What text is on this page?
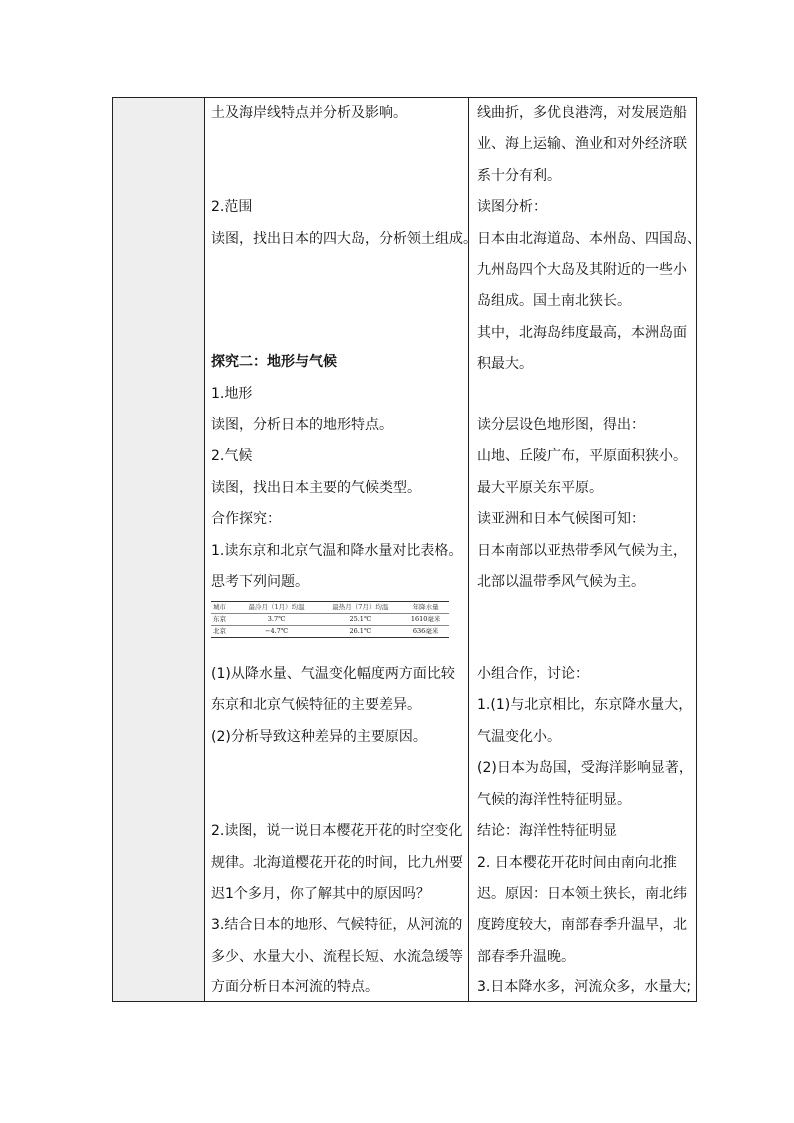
土及海岸线特点并分析及影响。
2.范围
读图，找出日本的四大岛，分析领土组成。
探究二：地形与气候
1.地形
读图，分析日本的地形特点。
2.气候
读图，找出日本主要的气候类型。
合作探究：
1.读东京和北京气温和降水量对比表格。
思考下列问题。
城市	最冷月（1月）均温	最热月（7月）均温	年降水量
东京	3.7℃	25.1℃	1610毫米
北京	−4.7℃	26.1℃	636毫米
(1)从降水量、气温变化幅度两方面比较
东京和北京气候特征的主要差异。
(2)分析导致这种差异的主要原因。
2.读图，说一说日本樱花开花的时空变化
规律。北海道樱花开花的时间，比九州要
迟1个多月，你了解其中的原因吗？
3.结合日本的地形、气候特征，从河流的
多少、水量大小、流程长短、水流急缓等
方面分析日本河流的特点。
线曲折，多优良港湾，对发展造船
业、海上运输、渔业和对外经济联
系十分有利。
读图分析：
日本由北海道岛、本州岛、四国岛、
九州岛四个大岛及其附近的一些小
岛组成。国土南北狭长。
其中，北海岛纬度最高，本洲岛面
积最大。
读分层设色地形图，得出：
山地、丘陵广布，平原面积狭小。
最大平原关东平原。
读亚洲和日本气候图可知：
日本南部以亚热带季风气候为主，
北部以温带季风气候为主。
小组合作，讨论：
1.(1)与北京相比，东京降水量大，
气温变化小。
(2)日本为岛国，受海洋影响显著，
气候的海洋性特征明显。
结论：海洋性特征明显
2. 日本樱花开花时间由南向北推
迟。原因：日本领土狭长，南北纬
度跨度较大，南部春季升温早，北
部春季升温晚。
3.日本降水多，河流众多，水量大;
